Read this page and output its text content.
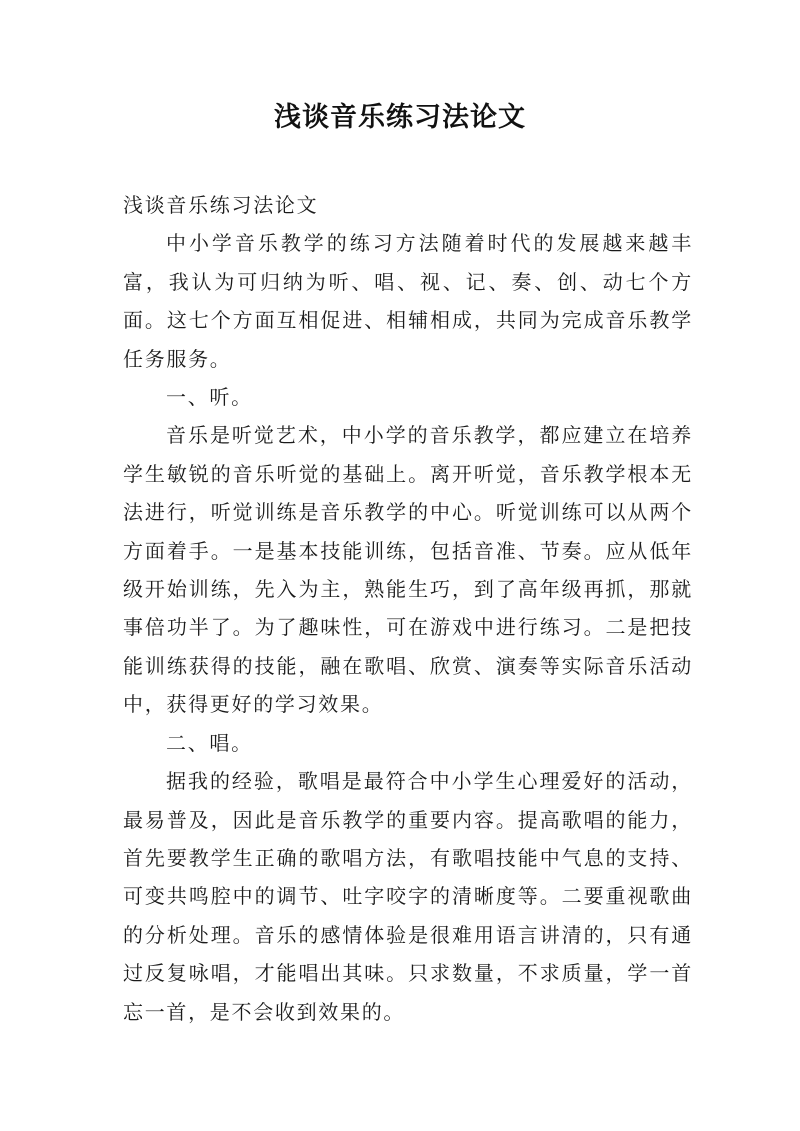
浅谈音乐练习法论文

浅谈音乐练习法论文

中小学音乐教学的练习方法随着时代的发展越来越丰富，我认为可归纳为听、唱、视、记、奏、创、动七个方面。这七个方面互相促进、相辅相成，共同为完成音乐教学任务服务。

一、听。

音乐是听觉艺术，中小学的音乐教学，都应建立在培养学生敏锐的音乐听觉的基础上。离开听觉，音乐教学根本无法进行，听觉训练是音乐教学的中心。听觉训练可以从两个方面着手。一是基本技能训练，包括音准、节奏。应从低年级开始训练，先入为主，熟能生巧，到了高年级再抓，那就事倍功半了。为了趣味性，可在游戏中进行练习。二是把技能训练获得的技能，融在歌唱、欣赏、演奏等实际音乐活动中，获得更好的学习效果。

二、唱。

据我的经验，歌唱是最符合中小学生心理爱好的活动，最易普及，因此是音乐教学的重要内容。提高歌唱的能力，首先要教学生正确的歌唱方法，有歌唱技能中气息的支持、可变共鸣腔中的调节、吐字咬字的清晰度等。二要重视歌曲的分析处理。音乐的感情体验是很难用语言讲清的，只有通过反复咏唱，才能唱出其味。只求数量，不求质量，学一首忘一首，是不会收到效果的。
